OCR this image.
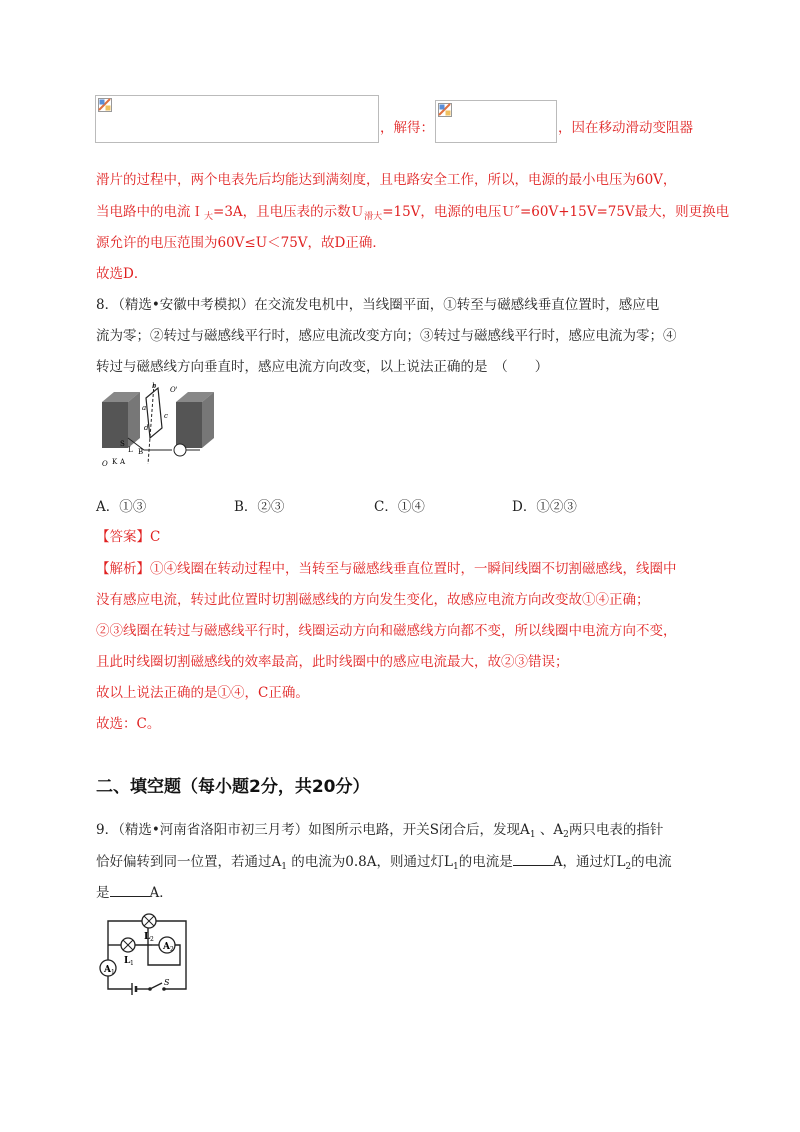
，解得：	，因在移动滑动变阻器
滑片的过程中，两个电表先后均能达到满刻度，且电路安全工作，所以，电源的最小电压为60V，
当电路中的电流Ｉ$_大$=3A，且电压表的示数Ｕ$_{滑大}$=15V，电源的电压Ｕ″=60V+15V=75V最大，则更换电
源允许的电压范围为60V≤U＜75V，故D正确．
故选D．
8．（精选•安徽中考模拟）在交流发电机中，当线圈平面，①转至与磁感线垂直位置时，感应电
流为零；②转过与磁感线平行时，感应电流改变方向；③转过与磁感线平行时，感应电流为零；④
转过与磁感线方向垂直时，感应电流方向改变，以上说法正确的是　（　　）
b
a
c
d
O'
S
L B
O K A
A．①③	B．②③	C．①④	D．①②③
【答案】C
【解析】①④线圈在转动过程中，当转至与磁感线垂直位置时，一瞬间线圈不切割磁感线，线圈中
没有感应电流，转过此位置时切割磁感线的方向发生变化，故感应电流方向改变故①④正确；
②③线圈在转过与磁感线平行时，线圈运动方向和磁感线方向都不变，所以线圈中电流方向不变，
且此时线圈切割磁感线的效率最高，此时线圈中的感应电流最大，故②③错误；
故以上说法正确的是①④，C正确。
故选：C。
二、填空题（每小题2分，共20分）
9．（精选•河南省洛阳市初三月考）如图所示电路，开关S闭合后，发现$A_1$ 、$A_2$两只电表的指针
恰好偏转到同一位置，若通过$A_1$ 的电流为0.8A，则通过灯$L_1$的电流是	A，通过灯$L_2$的电流
是	A．
A 2
A 1
L 2
L 1
S
